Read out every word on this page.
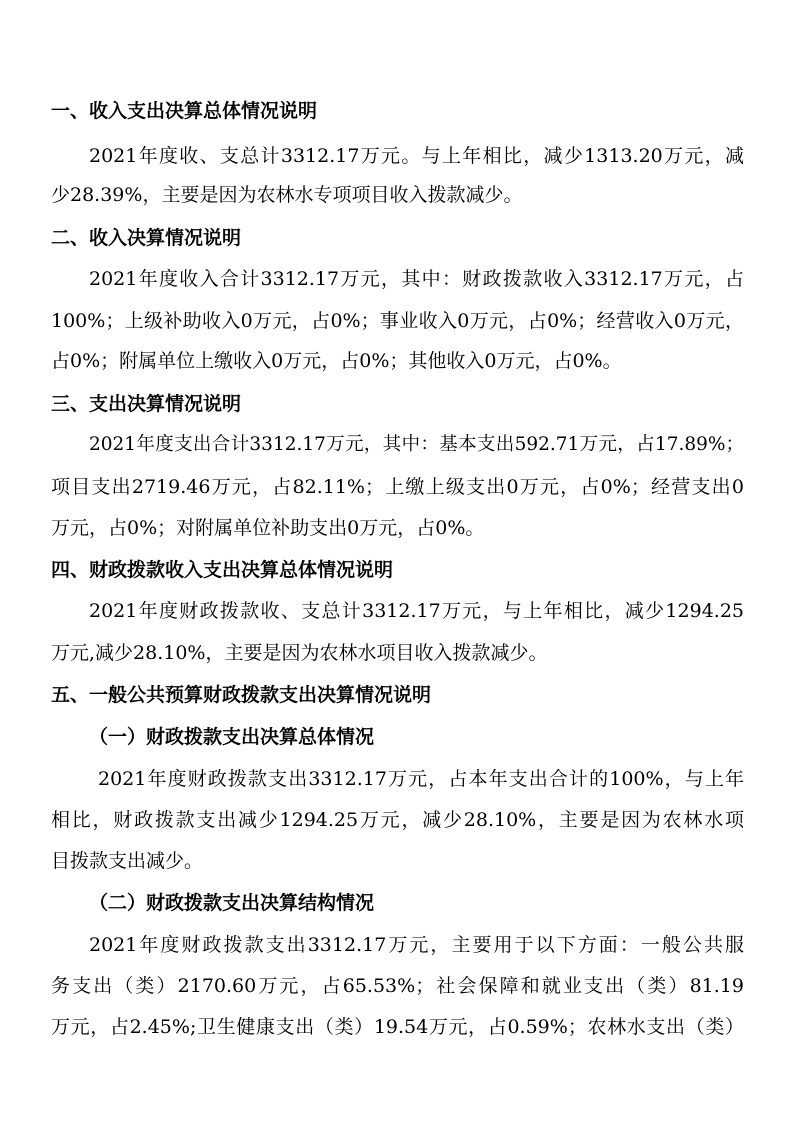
一、收入支出决算总体情况说明
2021年度收、支总计3312.17万元。与上年相比，减少1313.20万元，减
少28.39%，主要是因为农林水专项项目收入拨款减少。
二、收入决算情况说明
2021年度收入合计3312.17万元，其中：财政拨款收入3312.17万元，占
100%；上级补助收入0万元，占0%；事业收入0万元，占0%；经营收入0万元，
占0%；附属单位上缴收入0万元，占0%；其他收入0万元，占0%。
三、支出决算情况说明
2021年度支出合计3312.17万元，其中：基本支出592.71万元，占17.89%；
项目支出2719.46万元，占82.11%；上缴上级支出0万元，占0%；经营支出0
万元，占0%；对附属单位补助支出0万元，占0%。
四、财政拨款收入支出决算总体情况说明
2021年度财政拨款收、支总计3312.17万元，与上年相比，减少1294.25
万元,减少28.10%，主要是因为农林水项目收入拨款减少。
五、一般公共预算财政拨款支出决算情况说明
（一）财政拨款支出决算总体情况
2021年度财政拨款支出3312.17万元，占本年支出合计的100%，与上年
相比，财政拨款支出减少1294.25万元，减少28.10%，主要是因为农林水项
目拨款支出减少。
（二）财政拨款支出决算结构情况
2021年度财政拨款支出3312.17万元，主要用于以下方面：一般公共服
务支出（类）2170.60万元，占65.53%；社会保障和就业支出（类）81.19
万元，占2.45%;卫生健康支出（类）19.54万元，占0.59%；农林水支出（类）
